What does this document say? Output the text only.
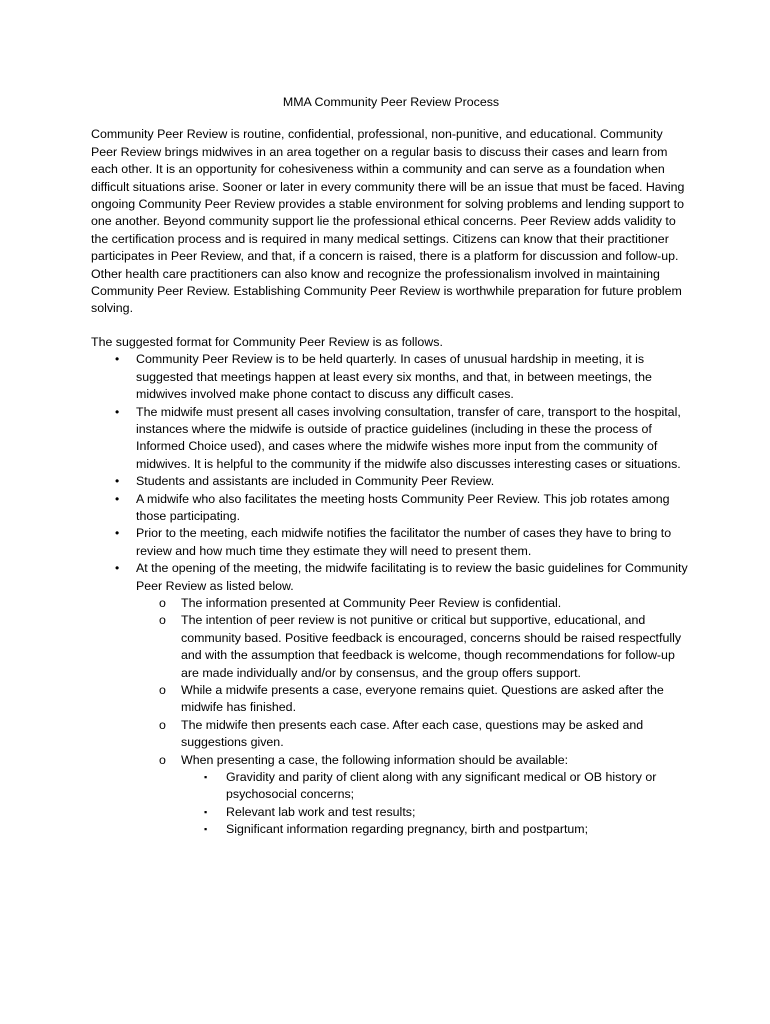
MMA Community Peer Review Process

Community Peer Review is routine, confidential, professional, non-punitive, and educational. Community Peer Review brings midwives in an area together on a regular basis to discuss their cases and learn from each other. It is an opportunity for cohesiveness within a community and can serve as a foundation when difficult situations arise. Sooner or later in every community there will be an issue that must be faced. Having ongoing Community Peer Review provides a stable environment for solving problems and lending support to one another. Beyond community support lie the professional ethical concerns. Peer Review adds validity to the certification process and is required in many medical settings. Citizens can know that their practitioner participates in Peer Review, and that, if a concern is raised, there is a platform for discussion and follow-up. Other health care practitioners can also know and recognize the professionalism involved in maintaining Community Peer Review. Establishing Community Peer Review is worthwhile preparation for future problem solving.

The suggested format for Community Peer Review is as follows.

• Community Peer Review is to be held quarterly. In cases of unusual hardship in meeting, it is suggested that meetings happen at least every six months, and that, in between meetings, the midwives involved make phone contact to discuss any difficult cases.
• The midwife must present all cases involving consultation, transfer of care, transport to the hospital, instances where the midwife is outside of practice guidelines (including in these the process of Informed Choice used), and cases where the midwife wishes more input from the community of midwives. It is helpful to the community if the midwife also discusses interesting cases or situations.
• Students and assistants are included in Community Peer Review.
• A midwife who also facilitates the meeting hosts Community Peer Review. This job rotates among those participating.
• Prior to the meeting, each midwife notifies the facilitator the number of cases they have to bring to review and how much time they estimate they will need to present them.
• At the opening of the meeting, the midwife facilitating is to review the basic guidelines for Community Peer Review as listed below.
o The information presented at Community Peer Review is confidential.
o The intention of peer review is not punitive or critical but supportive, educational, and community based. Positive feedback is encouraged, concerns should be raised respectfully and with the assumption that feedback is welcome, though recommendations for follow-up are made individually and/or by consensus, and the group offers support.
o While a midwife presents a case, everyone remains quiet. Questions are asked after the midwife has finished.
o The midwife then presents each case. After each case, questions may be asked and suggestions given.
o When presenting a case, the following information should be available:
▪ Gravidity and parity of client along with any significant medical or OB history or psychosocial concerns;
▪ Relevant lab work and test results;
▪ Significant information regarding pregnancy, birth and postpartum;
